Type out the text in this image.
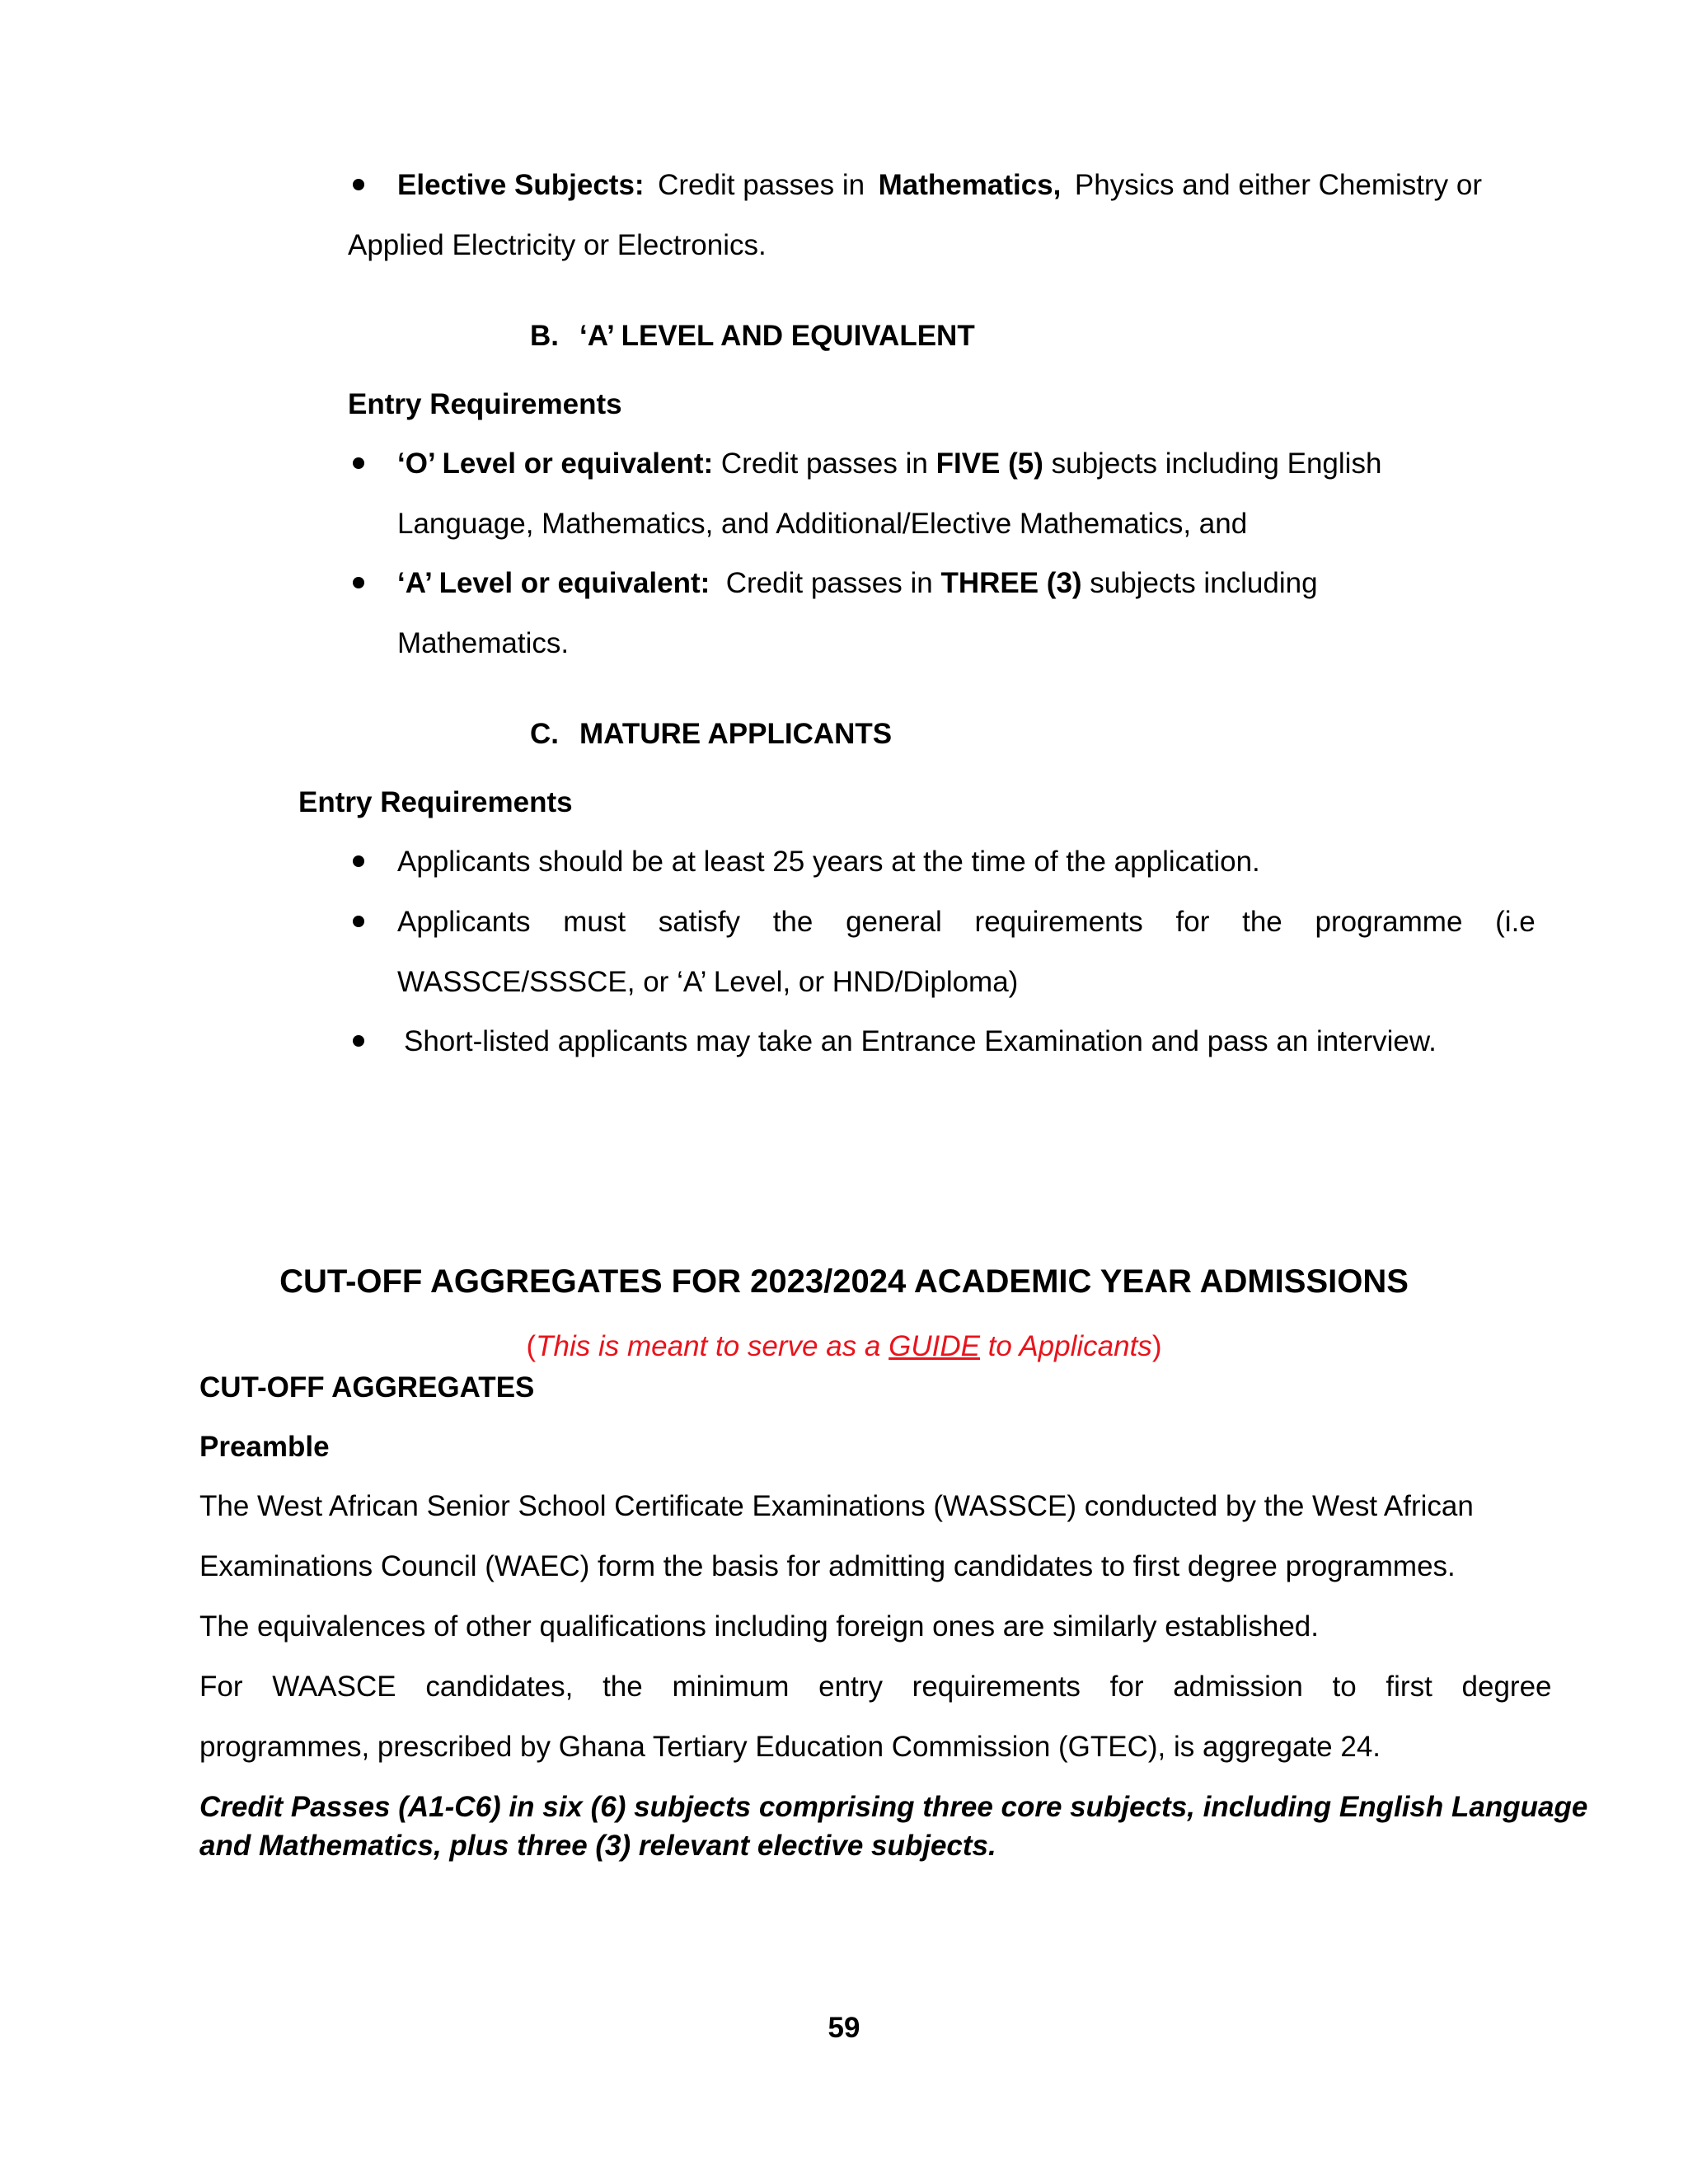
Elective Subjects: Credit passes in Mathematics, Physics and either Chemistry or
Applied Electricity or Electronics.
B. ‘A’ LEVEL AND EQUIVALENT
Entry Requirements
‘O’ Level or equivalent: Credit passes in FIVE (5) subjects including English
Language, Mathematics, and Additional/Elective Mathematics, and
‘A’ Level or equivalent: Credit passes in THREE (3) subjects including
Mathematics.
C. MATURE APPLICANTS
Entry Requirements
Applicants should be at least 25 years at the time of the application.
Applicants must satisfy the general requirements for the programme (i.e
WASSCE/SSSCE, or ‘A’ Level, or HND/Diploma)
Short-listed applicants may take an Entrance Examination and pass an interview.
CUT-OFF AGGREGATES FOR 2023/2024 ACADEMIC YEAR ADMISSIONS
(This is meant to serve as a GUIDE to Applicants)
CUT-OFF AGGREGATES
Preamble
The West African Senior School Certificate Examinations (WASSCE) conducted by the West African
Examinations Council (WAEC) form the basis for admitting candidates to first degree programmes.
The equivalences of other qualifications including foreign ones are similarly established.
For WAASCE candidates, the minimum entry requirements for admission to first degree
programmes, prescribed by Ghana Tertiary Education Commission (GTEC), is aggregate 24.
Credit Passes (A1-C6) in six (6) subjects comprising three core subjects, including English Language
and Mathematics, plus three (3) relevant elective subjects.
59
